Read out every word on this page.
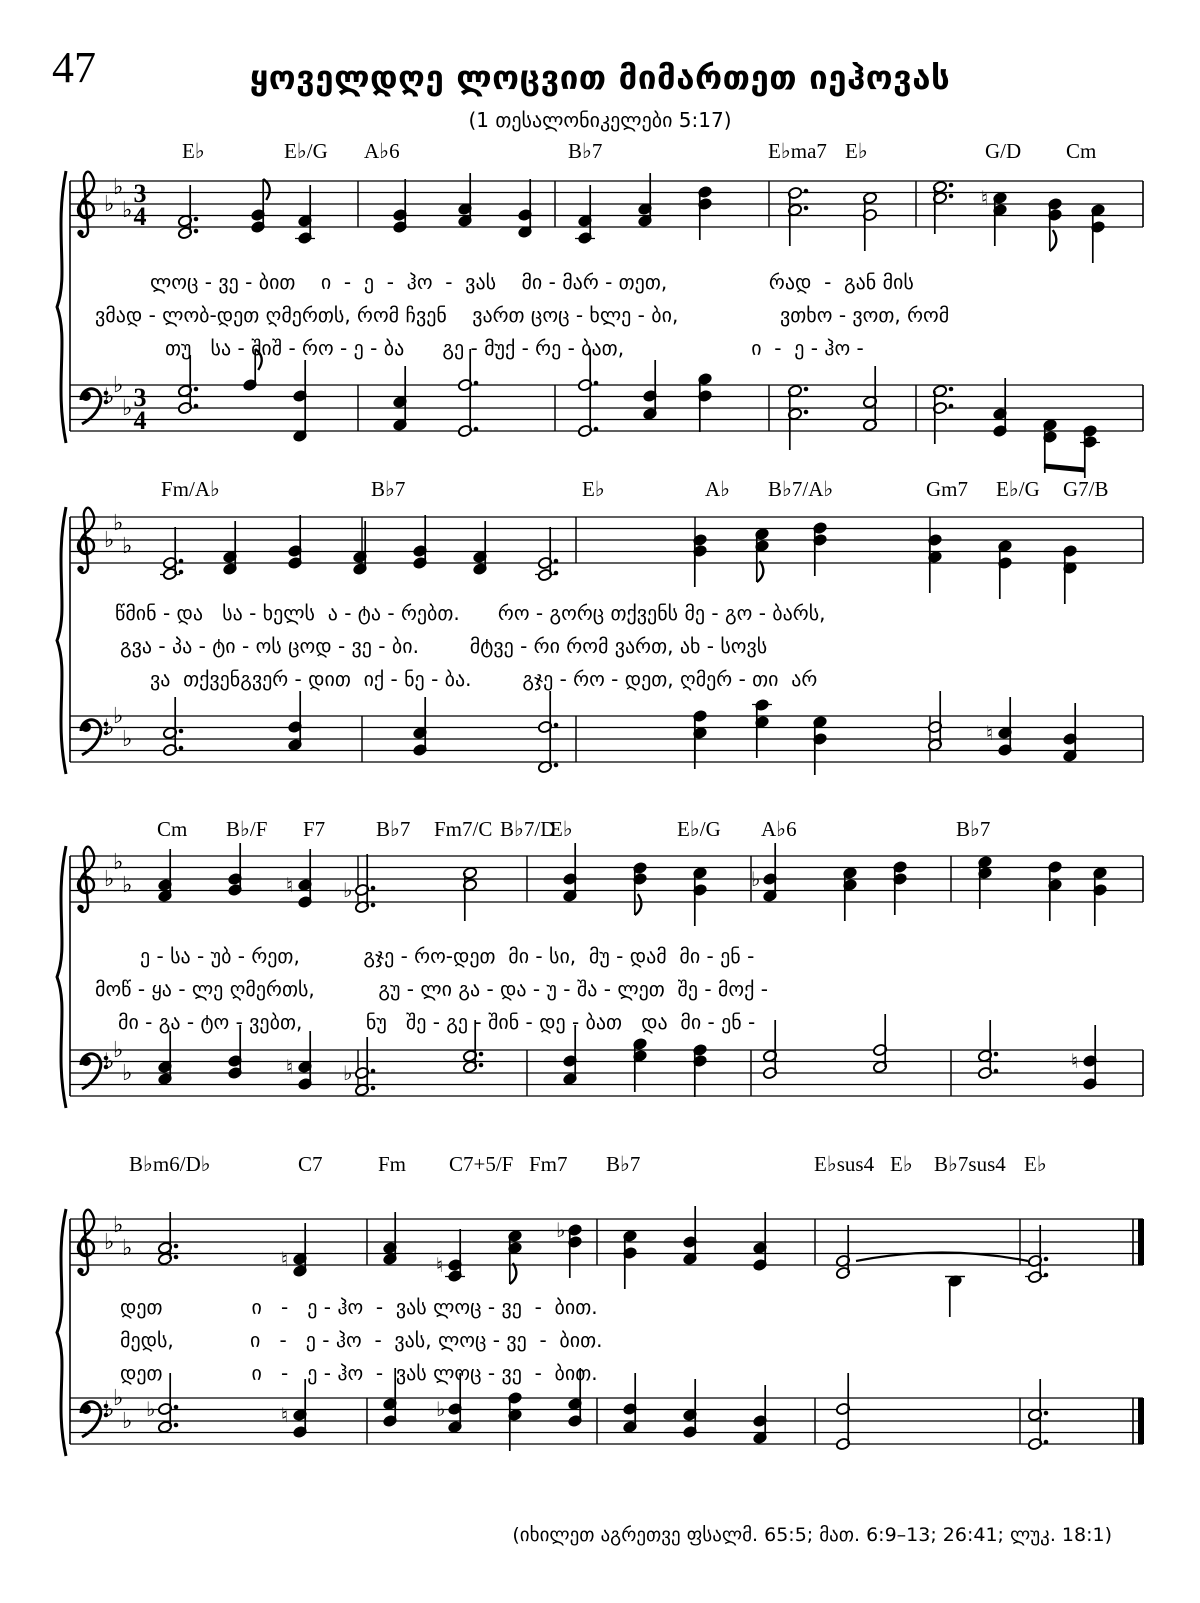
47	ყოველდღე ლოცვით მიმართეთ იეჰოვას
(1 თესალონიკელები 5:17)
♭
♭
♭
♭
♭
♭
3
4
3
4
♮
♭
♭
♭
♭
♭
♭	♮
♭
♭
♭
♭
♭
♭
♮ ♭	♭
♮ ♭	♮
♭
♭
♭
♭
♭
♭
♮	♮
♭
♭	♮	♭
E♭	E♭/G A♭6	B♭7	E♭ma7 E♭	G/D Cm
ლოც - ვე - ბით    ი  -  ე  -  ჰო  -  ვას    მი - მარ - თეთ,                რად  -  გან მის
ვმად - ლობ-დეთ ღმერთს, რომ ჩვენ    ვართ ცოც - ხლე - ბი,                ვთხო - ვოთ, რომ
თუ   სა - შიშ - რო - ე - ბა      გე - მუქ - რე - ბათ,                    ი  -  ე - ჰო -
Fm/A♭	B♭7	E♭	A♭ B♭7/A♭	Gm7 E♭/G G7/B
წმინ - და   სა - ხელს  ა - ტა - რებთ.      რო - გორც თქვენს მე - გო - ბარს,
გვა - პა - ტი - ოს ცოდ - ვე - ბი.        მტვე - რი რომ ვართ, ახ - სოვს
ვა  თქვენგვერ - დით  იქ - ნე - ბა.        გჯე - რო - დეთ, ღმერ - თი  არ
Cm B♭/F F7 B♭7 Fm7/C B♭7/D
E♭	E♭/G A♭6	B♭7
ე - სა - უბ - რეთ,          გჯე - რო-დეთ  მი - სი,  მუ - დამ  მი - ენ -
მოწ - ყა - ლე ღმერთს,          გუ - ლი გა - და - უ - შა - ლეთ  შე - მოქ -
მი - გა - ტო - ვებთ,          ნუ   შე - გე - შინ - დე - ბათ   და  მი - ენ -
B♭m6/D♭	C7	Fm C7+5/F Fm7 B♭7	E♭sus4 E♭ B♭7sus4 E♭
დეთ              ი   -   ე - ჰო  -  ვას ლოც - ვე  -  ბით.
მედს,            ი   -   ე - ჰო  -  ვას, ლოც - ვე  -  ბით.
დეთ              ი   -   ე - ჰო  -  ვას ლოც - ვე  -  ბით.
(იხილეთ აგრეთვე ფსალმ. 65:5; მათ. 6:9–13; 26:41; ლუკ. 18:1)
